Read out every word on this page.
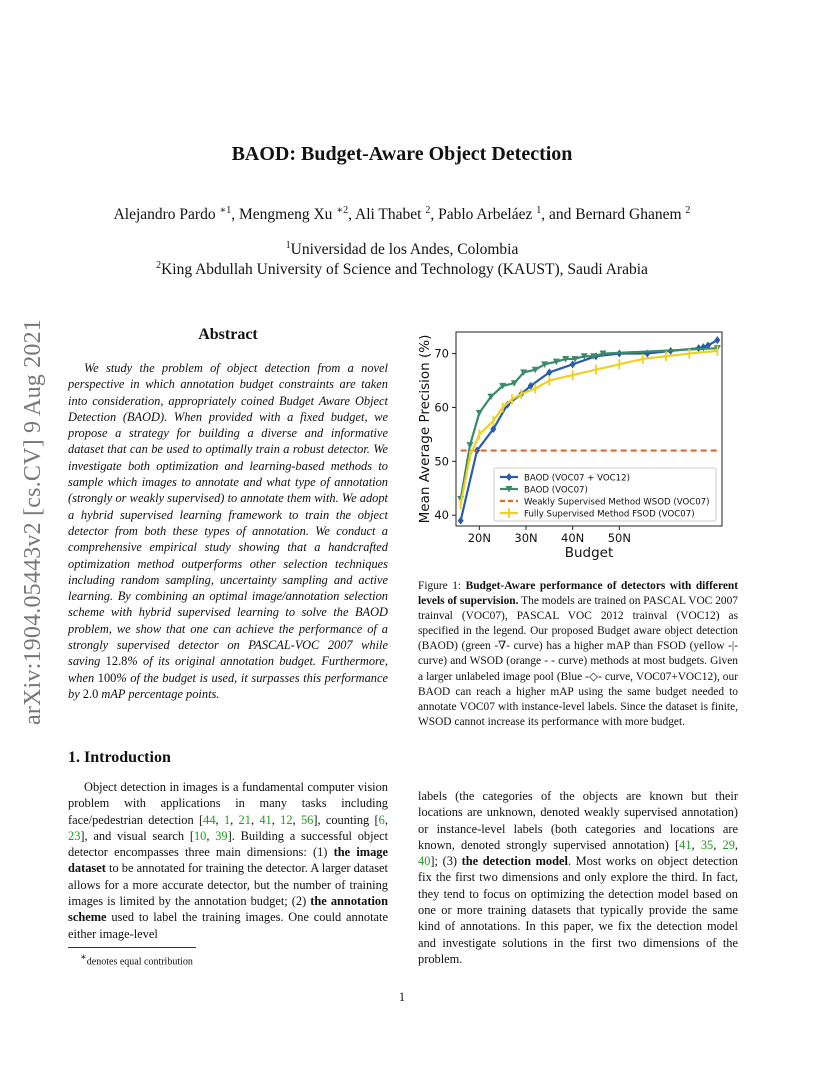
arXiv:1904.05443v2 [cs.CV] 9 Aug 2021
BAOD: Budget-Aware Object Detection
Alejandro Pardo $^{∗1}$, Mengmeng Xu $^{∗2}$, Ali Thabet $^2$, Pablo Arbeláez $^1$, and Bernard Ghanem $^2$
$^1$Universidad de los Andes, Colombia
$^2$King Abdullah University of Science and Technology (KAUST), Saudi Arabia
Abstract
We study the problem of object detection from a novel perspective in which annotation budget constraints are taken into consideration, appropriately coined Budget Aware Object Detection (BAOD). When provided with a fixed budget, we propose a strategy for building a diverse and informative dataset that can be used to optimally train a robust detector. We investigate both optimization and learning-based methods to sample which images to annotate and what type of annotation (strongly or weakly supervised) to annotate them with. We adopt a hybrid supervised learning framework to train the object detector from both these types of annotation. We conduct a comprehensive empirical study showing that a handcrafted optimization method outperforms other selection techniques including random sampling, uncertainty sampling and active learning. By combining an optimal image/annotation selection scheme with hybrid supervised learning to solve the BAOD problem, we show that one can achieve the performance of a strongly supervised detector on PASCAL-VOC 2007 while saving 12.8% of its original annotation budget. Furthermore, when 100% of the budget is used, it surpasses this performance by 2.0 mAP percentage points.
1. Introduction
Object detection in images is a fundamental computer vision problem with applications in many tasks including face/pedestrian detection [44, 1, 21, 41, 12, 56], counting [6, 23], and visual search [10, 39]. Building a successful object detector encompasses three main dimensions: (1) the image dataset to be annotated for training the detector. A larger dataset allows for a more accurate detector, but the number of training images is limited by the annotation budget; (2) the annotation scheme used to label the training images. One could annotate either image-level
labels (the categories of the objects are known but their locations are unknown, denoted weakly supervised annotation) or instance-level labels (both categories and locations are known, denoted strongly supervised annotation) [41, 35, 29, 40]; (3) the detection model. Most works on object detection fix the first two dimensions and only explore the third. In fact, they tend to focus on optimizing the detection model based on one or more training datasets that typically provide the same kind of annotations. In this paper, we fix the detection model and investigate solutions in the first two dimensions of the problem.
∗denotes equal contribution
1
20N 30N 40N 50N
40
50
60
70
Budget
Mean Average Precision (%)	BAOD (VOC07 + VOC12)
BAOD (VOC07)
Weakly Supervised Method WSOD (VOC07)
Fully Supervised Method FSOD (VOC07)
Figure 1: Budget-Aware performance of detectors with different levels of supervision. The models are trained on PASCAL VOC 2007 trainval (VOC07), PASCAL VOC 2012 trainval (VOC12) as specified in the legend. Our proposed Budget aware object detection (BAOD) (green -∇- curve) has a higher mAP than FSOD (yellow -|- curve) and WSOD (orange - - curve) methods at most budgets. Given a larger unlabeled image pool (Blue -◇- curve, VOC07+VOC12), our BAOD can reach a higher mAP using the same budget needed to annotate VOC07 with instance-level labels. Since the dataset is finite, WSOD cannot increase its performance with more budget.
